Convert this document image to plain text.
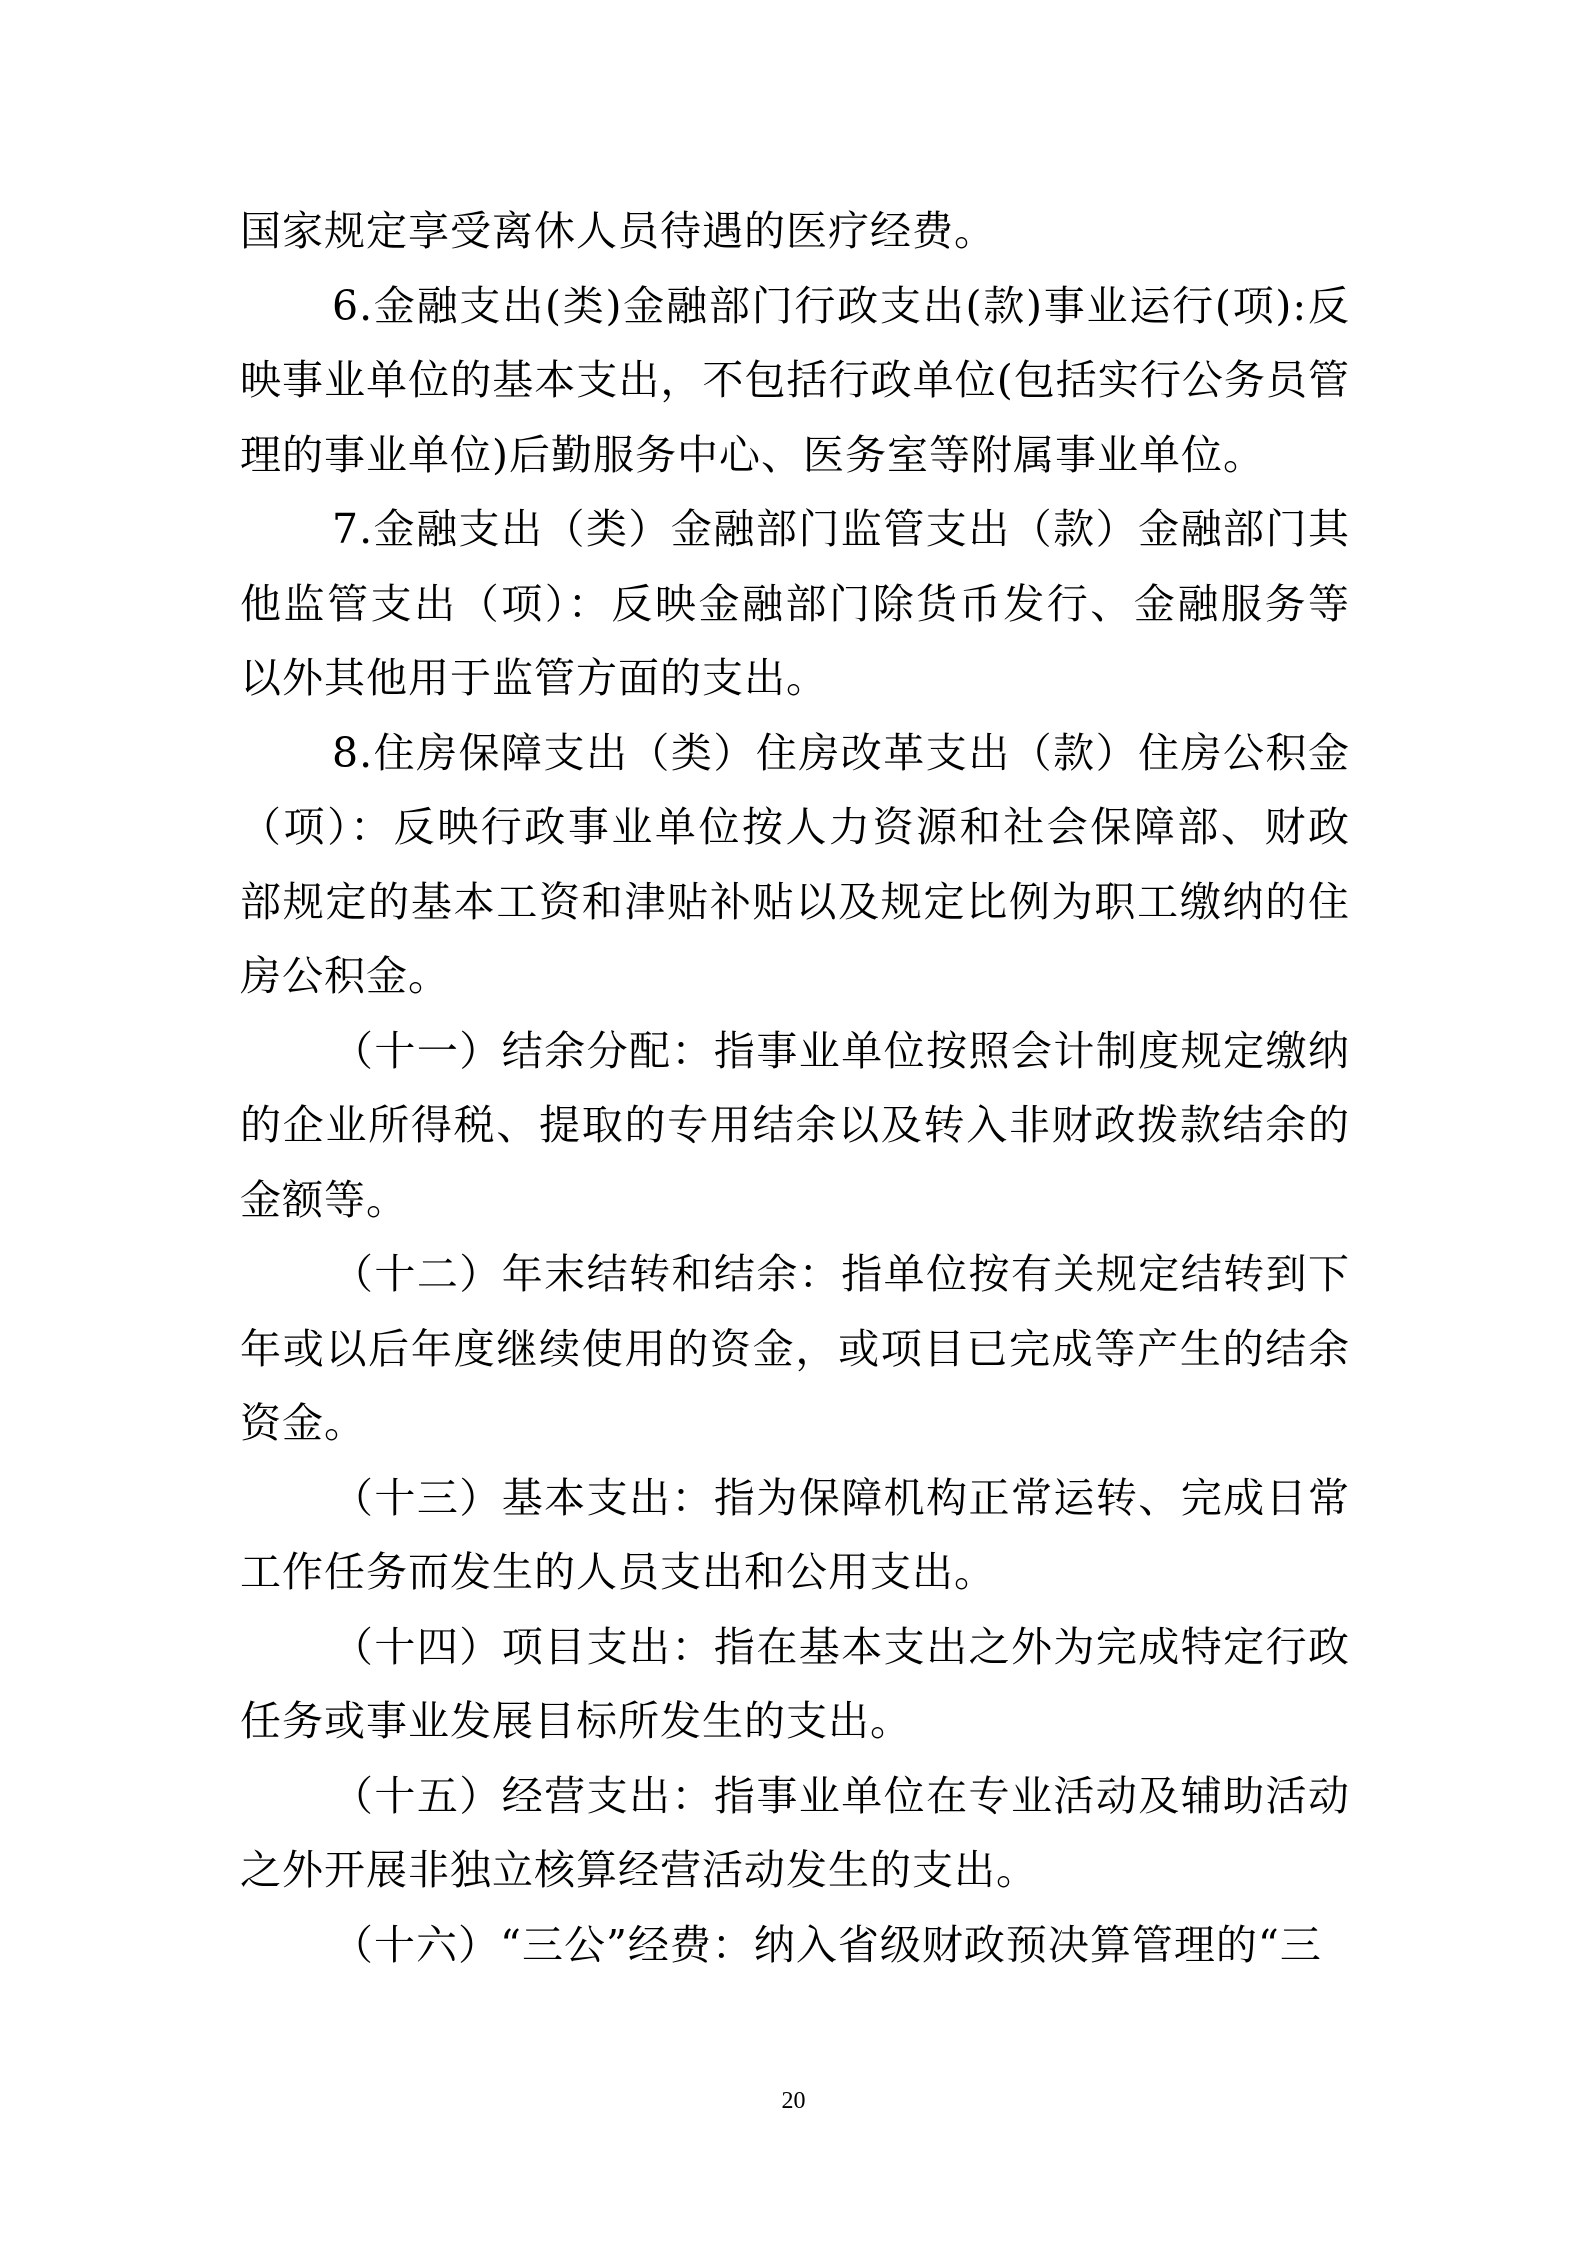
国家规定享受离休人员待遇的医疗经费。

6.金融支出(类)金融部门行政支出(款)事业运行(项):反映事业单位的基本支出，不包括行政单位(包括实行公务员管理的事业单位)后勤服务中心、医务室等附属事业单位。

7.金融支出（类）金融部门监管支出（款）金融部门其他监管支出（项）：反映金融部门除货币发行、金融服务等以外其他用于监管方面的支出。

8.住房保障支出（类）住房改革支出（款）住房公积金（项）：反映行政事业单位按人力资源和社会保障部、财政部规定的基本工资和津贴补贴以及规定比例为职工缴纳的住房公积金。

（十一）结余分配：指事业单位按照会计制度规定缴纳的企业所得税、提取的专用结余以及转入非财政拨款结余的金额等。

（十二）年末结转和结余：指单位按有关规定结转到下年或以后年度继续使用的资金，或项目已完成等产生的结余资金。

（十三）基本支出：指为保障机构正常运转、完成日常工作任务而发生的人员支出和公用支出。

（十四）项目支出：指在基本支出之外为完成特定行政任务或事业发展目标所发生的支出。

（十五）经营支出：指事业单位在专业活动及辅助活动之外开展非独立核算经营活动发生的支出。

（十六）“三公”经费：纳入省级财政预决算管理的“三

20
